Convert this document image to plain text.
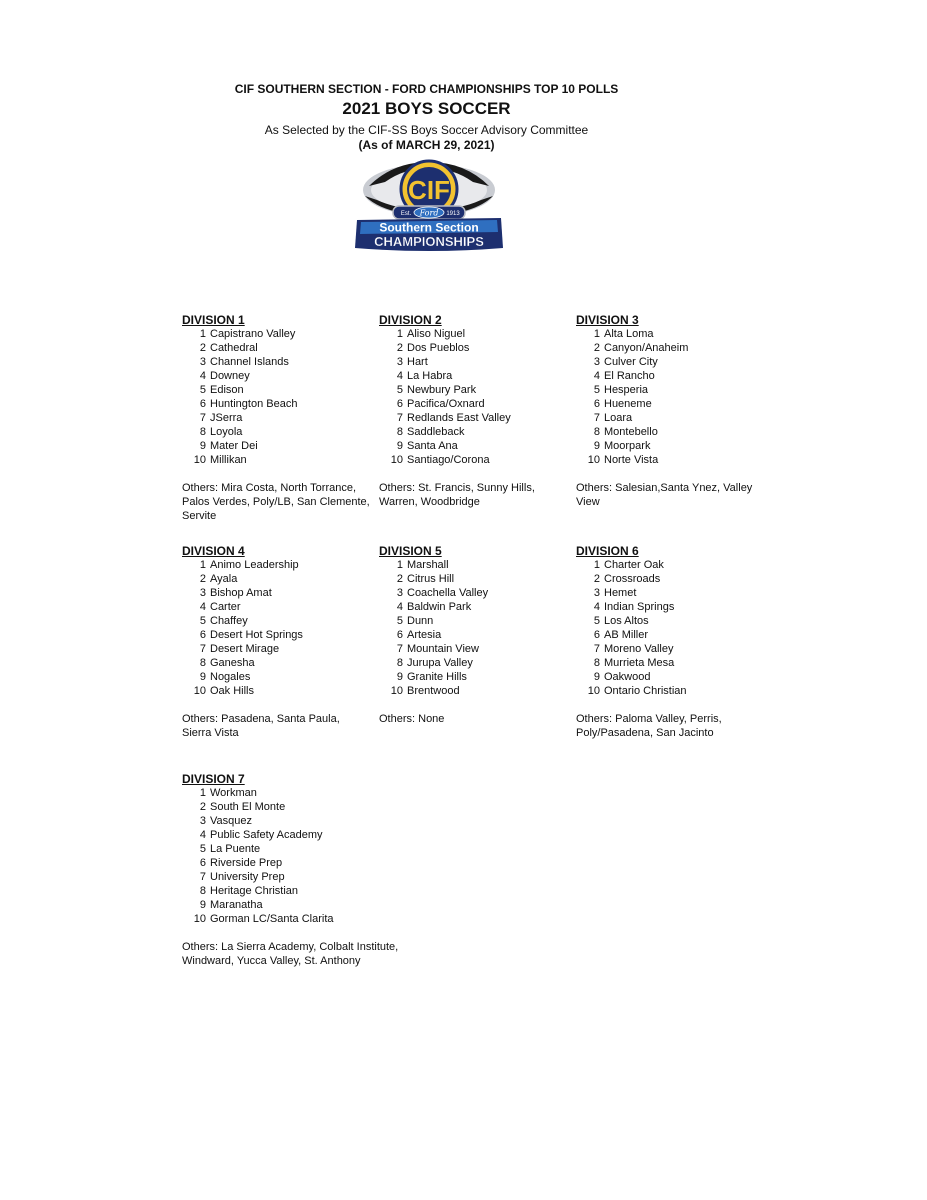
CIF SOUTHERN SECTION - FORD CHAMPIONSHIPS TOP 10 POLLS
2021 BOYS SOCCER
As Selected by the CIF-SS Boys Soccer Advisory Committee
(As of MARCH 29, 2021)
CIF
Est. Ford 1913
Southern Section
CHAMPIONSHIPS
DIVISION 1
1 Capistrano Valley
2 Cathedral
3 Channel Islands
4 Downey
5 Edison
6 Huntington Beach
7 JSerra
8 Loyola
9 Mater Dei
10 Millikan
Others: Mira Costa, North Torrance, Palos Verdes, Poly/LB, San Clemente, Servite
DIVISION 2
1 Aliso Niguel
2 Dos Pueblos
3 Hart
4 La Habra
5 Newbury Park
6 Pacifica/Oxnard
7 Redlands East Valley
8 Saddleback
9 Santa Ana
10 Santiago/Corona
Others: St. Francis, Sunny Hills, Warren, Woodbridge
DIVISION 3
1 Alta Loma
2 Canyon/Anaheim
3 Culver City
4 El Rancho
5 Hesperia
6 Hueneme
7 Loara
8 Montebello
9 Moorpark
10 Norte Vista
Others: Salesian,Santa Ynez, Valley View
DIVISION 4
1 Animo Leadership
2 Ayala
3 Bishop Amat
4 Carter
5 Chaffey
6 Desert Hot Springs
7 Desert Mirage
8 Ganesha
9 Nogales
10 Oak Hills
Others: Pasadena, Santa Paula, Sierra Vista
DIVISION 5
1 Marshall
2 Citrus Hill
3 Coachella Valley
4 Baldwin Park
5 Dunn
6 Artesia
7 Mountain View
8 Jurupa Valley
9 Granite Hills
10 Brentwood
Others: None
DIVISION 6
1 Charter Oak
2 Crossroads
3 Hemet
4 Indian Springs
5 Los Altos
6 AB Miller
7 Moreno Valley
8 Murrieta Mesa
9 Oakwood
10 Ontario Christian
Others: Paloma Valley, Perris, Poly/Pasadena, San Jacinto
DIVISION 7
1 Workman
2 South El Monte
3 Vasquez
4 Public Safety Academy
5 La Puente
6 Riverside Prep
7 University Prep
8 Heritage Christian
9 Maranatha
10 Gorman LC/Santa Clarita
Others: La Sierra Academy, Colbalt Institute, Windward, Yucca Valley, St. Anthony
